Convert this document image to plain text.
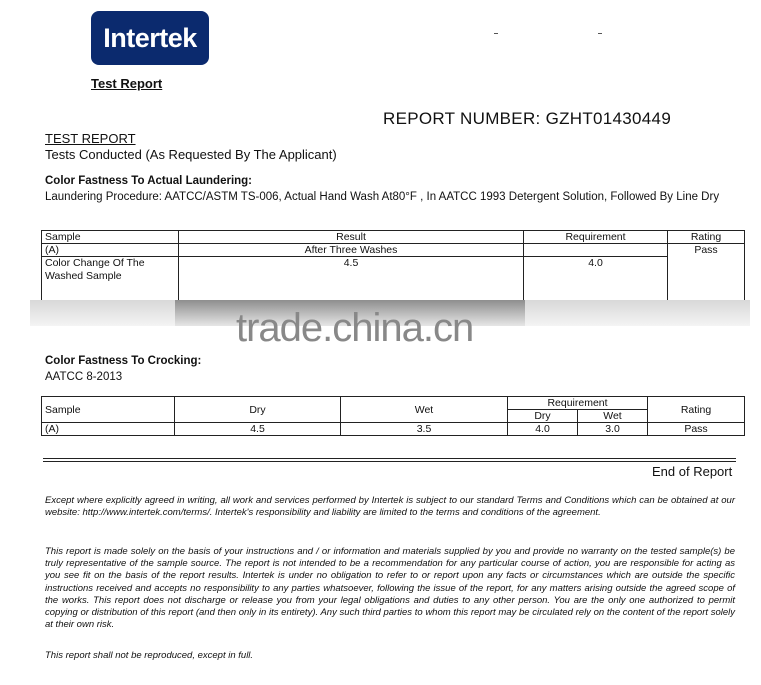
Intertek
Test Report
REPORT NUMBER: GZHT01430449
TEST REPORT
Tests Conducted (As Requested By The Applicant)
Color Fastness To Actual Laundering:
Laundering Procedure: AATCC/ASTM TS-006, Actual Hand Wash At80°F , In AATCC 1993 Detergent Solution, Followed By Line Dry
Sample	Result	Requirement	Rating
(A)	After Three Washes		Pass
Color Change Of The Washed Sample	4.5	4.0	
trade.china.cn
Color Fastness To Crocking:
AATCC 8-2013
Sample	Dry	Wet	Requirement		Rating
			Dry	Wet	
(A)	4.5	3.5	4.0	3.0	Pass
End of Report
Except where explicitly agreed in writing, all work and services performed by Intertek is subject to our standard Terms and Conditions which can be obtained at our website: http://www.intertek.com/terms/. Intertek's responsibility and liability are limited to the terms and conditions of the agreement.
This report is made solely on the basis of your instructions and / or information and materials supplied by you and provide no warranty on the tested sample(s) be truly representative of the sample source. The report is not intended to be a recommendation for any particular course of action, you are responsible for acting as you see fit on the basis of the report results. Intertek is under no obligation to refer to or report upon any facts or circumstances which are outside the specific instructions received and accepts no responsibility to any parties whatsoever, following the issue of the report, for any matters arising outside the agreed scope of the works. This report does not discharge or release you from your legal obligations and duties to any other person. You are the only one authorized to permit copying or distribution of this report (and then only in its entirety). Any such third parties to whom this report may be circulated rely on the content of the report solely at their own risk.
This report shall not be reproduced, except in full.
